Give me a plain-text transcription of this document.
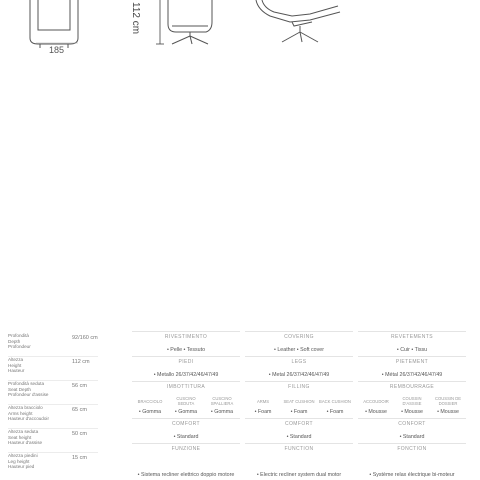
185
112 cm
Profondità
Depth
Profondeur
92/160 cm
Altezza
Height
Hauteur
112 cm
Profondità seduta
Seat Depth
Profondeur d'assise
56 cm
Altezza bracciolo
Arms height
Hauteur d'accoudoir
65 cm
Altezza seduta
Seat height
Hauteur d'assise
50 cm
Altezza piedini
Leg height
Hauteur pied
15 cm
RIVESTIMENTO
• Pelle • Tessuto
PIEDI
• Metallo 26/37/42/46/47/49
IMBOTTITURA
BRACCIOLO
• Gomma
CUSCINO SEDUTA
• Gomma
CUSCINO SPALLIERA
• Gomma
COMFORT
• Standard
FUNZIONE
• Sistema recliner elettrico doppio motore
COVERING
• Leather • Soft cover
LEGS
• Metal 26/37/42/46/47/49
FILLING
ARMS
• Foam
SEAT CUSHION
• Foam
BACK CUSHION
• Foam
COMFORT
• Standard
FUNCTION
• Electric recliner system dual motor
REVETEMENTS
• Cuir • Tissu
PIETEMENT
• Métal 26/37/42/46/47/49
REMBOURRAGE
ACCOUDOIR
• Mousse
COUSSIN D'ASSISE
• Mousse
COUSSIN DE DOSSIER
• Mousse
CONFORT
• Standard
FONCTION
• Système relax électrique bi-moteur
